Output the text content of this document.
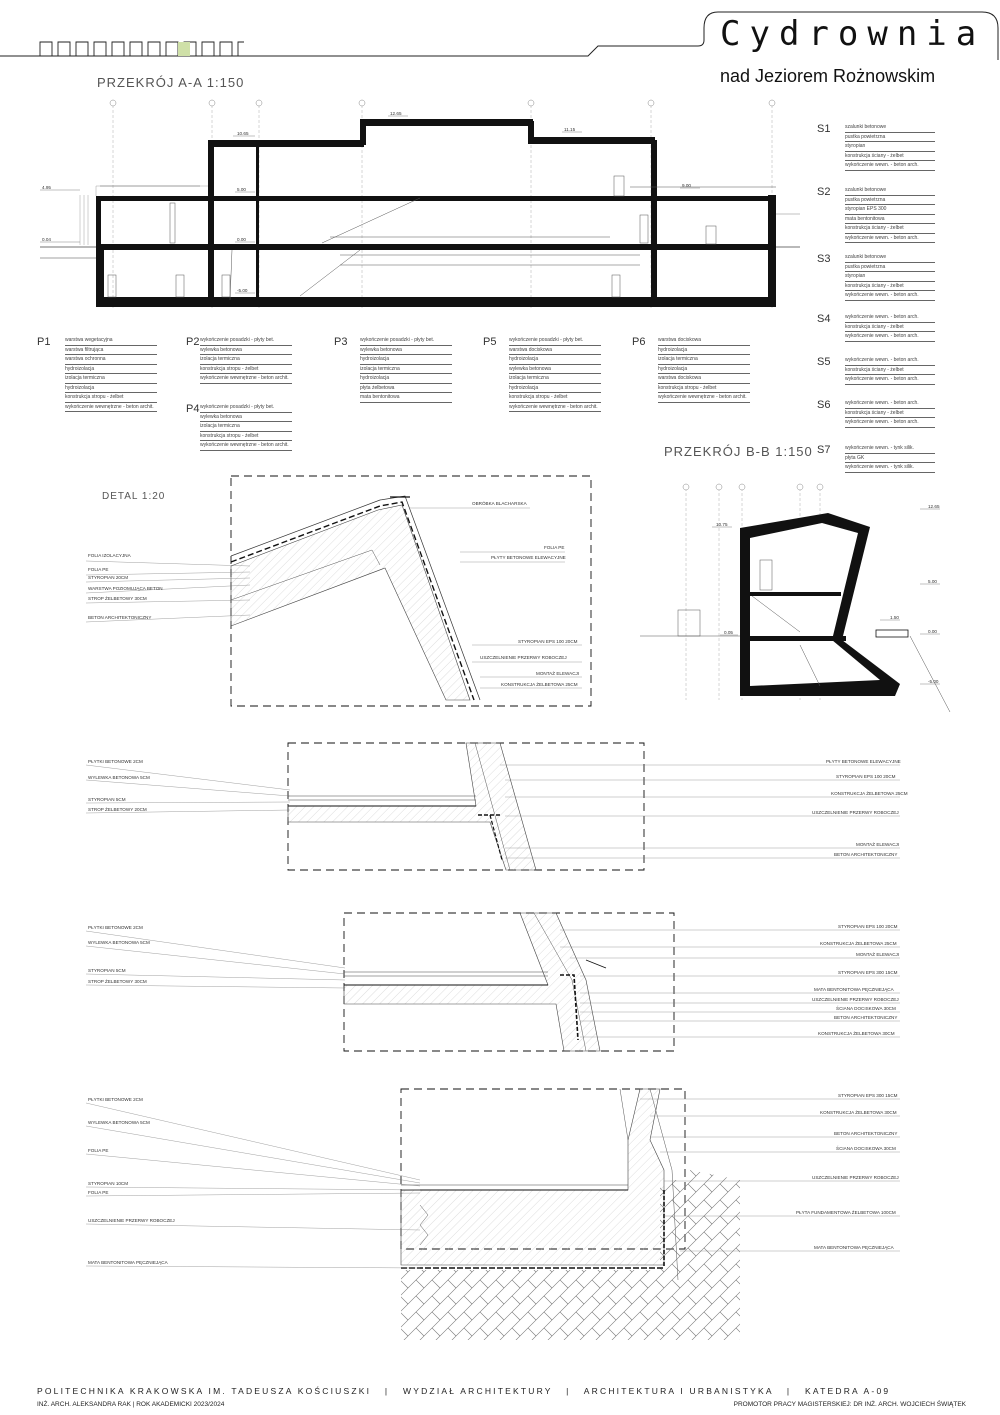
Cydrownia
nad Jeziorem Rożnowskim
PRZEKRÓJ A-A 1:150
PRZEKRÓJ B-B 1:150
DETAL 1:20
4.95
0.04
10.65
5.00
0.00
-5.00
12.65
11.15
9.00
12.65
10.75
5.00
1.50
0.00
0.05
-5.00
S1	szalunki betonowe
pustka powietrzna
styropian
konstrukcja ściany - żelbet
wykończenie wewn. - beton arch.
S2	szalunki betonowe
pustka powietrzna
styropian EPS 300
mata bentonitowa
konstrukcja ściany - żelbet
wykończenie wewn. - beton arch.
S3	szalunki betonowe
pustka powietrzna
styropian
konstrukcja ściany - żelbet
wykończenie wewn. - beton arch.
S4	wykończenie wewn. - beton arch.
konstrukcja ściany - żelbet
wykończenie wewn. - beton arch.
S5	wykończenie wewn. - beton arch.
konstrukcja ściany - żelbet
wykończenie wewn. - beton arch.
S6	wykończenie wewn. - beton arch.
konstrukcja ściany - żelbet
wykończenie wewn. - beton arch.
S7	wykończenie wewn. - tynk silik.
płyta GK
wykończenie wewn. - tynk silik.
P1	warstwa wegetacyjna
warstwa filtrująca
warstwa ochronna
hydroizolacja
izolacja termiczna
hydroizolacja
konstrukcja stropu - żelbet
wykończenie wewnętrzne - beton archit.
P2 wykończenie posadzki - płyty bet.
wylewka betonowa
izolacja termiczna
konstrukcja stropu - żelbet
wykończenie wewnętrzne - beton archit.
P4 wykończenie posadzki - płyty bet.
wylewka betonowa
izolacja termiczna
konstrukcja stropu - żelbet
wykończenie wewnętrzne - beton archit.
P3	wykończenie posadzki - płyty bet.
wylewka betonowa
hydroizolacja
izolacja termiczna
hydroizolacja
płyta żelbetowa
mata bentonitowa
P5	wykończenie posadzki - płyty bet.
warstwa dociskowa
hydroizolacja
wylewka betonowa
izolacja termiczna
hydroizolacja
konstrukcja stropu - żelbet
wykończenie wewnętrzne - beton archit.
P6	warstwa dociskowa
hydroizolacja
izolacja termiczna
hydroizolacja
warstwa dociskowa
konstrukcja stropu - żelbet
wykończenie wewnętrzne - beton archit.
FOLIA IZOLACYJNA
FOLIA PE
STYROPIAN 20CM
WARSTWA POZIOMUJĄCA BETON
STROP ŻELBETOWY 30CM
BETON ARCHITEKTONICZNY
OBRÓBKA BLACHARSKA
FOLIA PE
PŁYTY BETONOWE ELEWACYJNE
STYROPIAN EPS 100 20CM
USZCZELNIENIE PRZERWY ROBOCZEJ
MONTAŻ ELEWACJI
KONSTRUKCJA ŻELBETOWA 25CM
PŁYTKI BETONOWE 2CM
WYLEWKA BETONOWA 5CM
STYROPIAN 5CM
STROP ŻELBETOWY 20CM
PŁYTY BETONOWE ELEWACYJNE
STYROPIAN EPS 100 20CM
KONSTRUKCJA ŻELBETOWA 25CM
USZCZELNIENIE PRZERWY ROBOCZEJ
MONTAŻ ELEWACJI
BETON ARCHITEKTONICZNY
PŁYTKI BETONOWE 2CM
WYLEWKA BETONOWA 5CM
STYROPIAN 5CM
STROP ŻELBETOWY 30CM
STYROPIAN EPS 100 20CM
KONSTRUKCJA ŻELBETOWA 25CM
MONTAŻ ELEWACJI
STYROPIAN EPS 300 15CM
MATA BENTONITOWA PĘCZNIEJĄCA
USZCZELNIENIE PRZERWY ROBOCZEJ
ŚCIANA DOCISKOWA 30CM
BETON ARCHITEKTONICZNY
KONSTRUKCJA ŻELBETOWA 30CM
PŁYTKI BETONOWE 2CM
WYLEWKA BETONOWA 5CM
FOLIA PE
STYROPIAN 10CM
FOLIA PE
USZCZELNIENIE PRZERWY ROBOCZEJ
MATA BENTONITOWA PĘCZNIEJĄCA
STYROPIAN EPS 300 15CM
KONSTRUKCJA ŻELBETOWA 30CM
BETON ARCHITEKTONICZNY
ŚCIANA DOCISKOWA 30CM
USZCZELNIENIE PRZERWY ROBOCZEJ
PŁYTA FUNDAMENTOWA ŻELBETOWA 100CM
MATA BENTONITOWA PĘCZNIEJĄCA
POLITECHNIKA KRAKOWSKA IM. TADEUSZA KOŚCIUSZKI   |   WYDZIAŁ ARCHITEKTURY   |   ARCHITEKTURA I URBANISTYKA   |   KATEDRA A-09
INŻ. ARCH. ALEKSANDRA RAK | ROK AKADEMICKI 2023/2024	PROMOTOR PRACY MAGISTERSKIEJ: DR INŻ. ARCH. WOJCIECH ŚWIĄTEK
